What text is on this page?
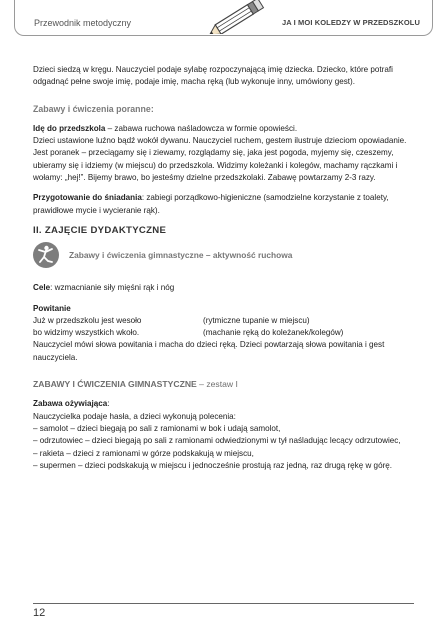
Przewodnik metodyczny	JA I MOI KOLEDZY W PRZEDSZKOLU

Dzieci siedzą w kręgu. Nauczyciel podaje sylabę rozpoczynającą imię dziecka. Dziecko, które potrafi odgadnąć pełne swoje imię, podaje imię, macha ręką (lub wykonuje inny, umówiony gest).

Zabawy i ćwiczenia poranne:

Idę do przedszkola – zabawa ruchowa naśladowcza w formie opowieści.

Dzieci ustawione luźno bądź wokół dywanu. Nauczyciel ruchem, gestem ilustruje dzieciom opowiadanie.

Jest poranek – przeciągamy się i ziewamy, rozglądamy się, jaka jest pogoda, myjemy się, czeszemy, ubieramy się i idziemy (w miejscu) do przedszkola. Widzimy koleżanki i kolegów, machamy rączkami i wołamy: „hej!”. Bijemy brawo, bo jesteśmy dzielne przedszkolaki. Zabawę powtarzamy 2-3 razy.

Przygotowanie do śniadania: zabiegi porządkowo-higieniczne (samodzielne korzystanie z toalety, prawidłowe mycie i wycieranie rąk).

II. ZAJĘCIE DYDAKTYCZNE

Zabawy i ćwiczenia gimnastyczne – aktywność ruchowa

Cele: wzmacnianie siły mięśni rąk i nóg

Powitanie

Już w przedszkolu jest wesoło	(rytmiczne tupanie w miejscu)
bo widzimy wszystkich wkoło.	(machanie ręką do koleżanek/kolegów)

Nauczyciel mówi słowa powitania i macha do dzieci ręką. Dzieci powtarzają słowa powitania i gest nauczyciela.

ZABAWY I ĆWICZENIA GIMNASTYCZNE – zestaw I

Zabawa ożywiająca:

Nauczycielka podaje hasła, a dzieci wykonują polecenia:

– samolot – dzieci biegają po sali z ramionami w bok i udają samolot,

– odrzutowiec – dzieci biegają po sali z ramionami odwiedzionymi w tył naśladując lecący odrzutowiec,

– rakieta – dzieci z ramionami w górze podskakują w miejscu,

– supermen – dzieci podskakują w miejscu i jednocześnie prostują raz jedną, raz drugą rękę w górę.

12
